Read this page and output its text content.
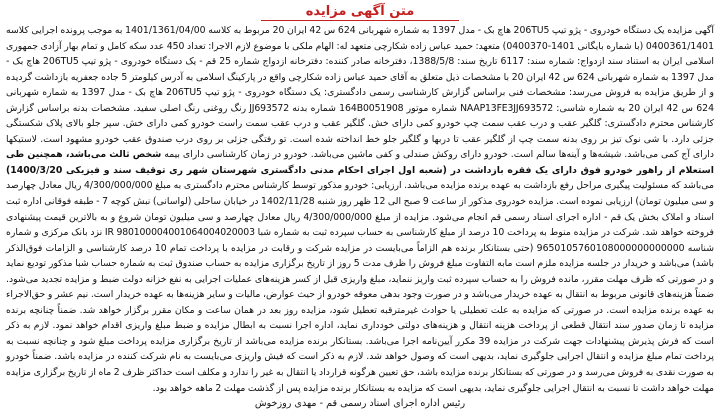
متن آگهی مزایده

آگهی مزایده یک دستگاه خودروی - پژو تیپ 206TU5 هاچ بک - مدل 1397 به شماره شهربانی 624 س 42 ایران 20 مربوط به کلاسه 1401/1361/04/00 به موجب پرونده اجرایی کلاسه 0400361/1401 (با شماره بایگانی 1401-0400370) متعهد: حمید عباس زاده شکارچی متعهد له: الهام ملکی با موضوع لازم الاجرا: تعداد 450 عدد سکه کامل و تمام بهار آزادی جمهوری اسلامی ایران به استناد سند ازدواج: شماره سند: 6117 تاریخ سند: 1388/5/8، دفترخانه صادر کننده: دفترخانه ازدواج شماره 25 قم - یک دستگاه خودروی - پژو تیپ 206TU5 هاچ بک - مدل 1397 به شماره شهربانی 624 س 42 ایران 20 با مشخصات ذیل متعلق به آقای حمید عباس زاده شکارچی واقع در پارکینگ اسلامی به آدرس کیلومتر 5 جاده جعفریه بازداشت گردیده و از طریق مزایده به فروش می‌رسد: مشخصات فنی براساس گزارش کارشناسی رسمی دادگستری: یک دستگاه خودروی - پژو تیپ 206TU5 هاچ بک - مدل 1397 به شماره شهربانی 624 س 42 ایران 20 به شماره شاسی: NAAP13FE3JJ693572 شماره موتور 164B0051908 شماره بدنه JJ693572 رنگ روغنی رنگ اصلی سفید. مشخصات بدنه براساس گزارش کارشناس محترم دادگستری: گلگیر عقب و درب عقب سمت چپ خودرو کمی دارای خش. گلگیر عقب و درب عقب سمت راست خودرو کمی دارای خش. سپر جلو بالای پلاک شکستگی جزئی دارد. با شی نوک تیز بر روی بدنه سمت چپ از گلگیر عقب تا دربها و گلگیر جلو خط انداخته شده است. تو رفتگی جزئی بر روی درب صندوق عقب خودرو مشهود است. لاستیکها دارای آج کمی می‌باشد. شیشه‌ها و آینه‌ها سالم است. خودرو دارای روکش صندلی و کفی ماشین می‌باشد. خودرو در زمان کارشناسی دارای بیمه شخص ثالث می‌باشد، همچنین طی استعلام از راهور خودرو فوق دارای یک فقره بازداشت در (شعبه اول اجرای احکام مدنی دادگستری شهرستان شهر ری توقیف سند و فیزیکی 1400/3/20) می‌باشد که مسئولیت پیگیری مراحل رفع بازداشت به عهده برنده مزایده می‌باشد. ارزیابی: خودرو مذکور توسط کارشناس محترم دادگستری به مبلغ 4/300/000/000 ریال معادل چهارصد و سی میلیون تومان) ارزیابی نموده است. مزایده خودروی مذکور از ساعت 9 صبح الی 12 ظهر روز شنبه 1402/11/28 در خیابان ساحلی (لواسانی) نبش کوچه 7 - طبقه فوقانی اداره ثبت اسناد و املاک بخش یک قم - اداره اجرای اسناد رسمی قم انجام می‌شود. مزایده از مبلغ 4/300/000/000 ریال معادل چهارصد و سی میلیون تومان شروع و به بالاترین قیمت پیشنهادی فروخته خواهد شد. شرکت در مزایده منوط به پرداخت 10 درصد از مبلغ کارشناسی به حساب سپرده ثبت به شماره شبا IR 980100004001064004020003 نزد بانک مرکزی و شماره شناسه 9650105760108000000000000 (حتی بستانکار برنده هم الزاماً می‌بایست در مزایده شرکت و رقابت در مزایده با پرداخت تمام 10 درصد کارشناسی و الزامات فوق‌الذکر باشد) می‌باشد و خریدار در جلسه مزایده ملزم است مابه التفاوت مبلغ فروش را ظرف مدت 5 روز از تاریخ برگزاری مزایده به حساب صندوق ثبت به شماره حساب شبا مذکور تودیع نماید و در صورتی که ظرف مهلت مقرر، مانده فروش را به حساب سپرده ثبت واریز ننماید، مبلغ واریزی قبل از کسر هزینه‌های عملیات اجرایی به نفع خزانه دولت ضبط و مزایده تجدید می‌شود. ضمناً هزینه‌های قانونی مربوط به انتقال به عهده خریدار می‌باشد و در صورت وجود بدهی معوقه خودرو از حیث عوارض، مالیات و سایر هزینه‌ها به عهده خریدار است. نیم عشر و حق‌الاجراء به عهده برنده مزایده است. در صورتی که مزایده به علت تعطیلی یا حوادث غیرمترقبه تعطیل شود، مزایده روز بعد در همان ساعت و مکان مقرر برگزار خواهد شد. ضمناً چنانچه برنده مزایده تا زمان صدور سند انتقال قطعی از پرداخت هزینه انتقال و هزینه‌های دولتی خودداری نماید، اداره اجرا نسبت به ابطال مزایده و ضبط مبلغ واریزی اقدام خواهد نمود. لازم به ذکر است که فرش پذیرش پیشنهادات جهت شرکت در مزایده 39 مکرر آیین‌نامه اجرا می‌باشد. بستانکار برنده مزایده می‌باشد از تاریخ برگزاری مزایده پرداخت مبلغ شود و چنانچه نسبت به پرداخت تمام مبلغ مزایده و انتقال اجرایی جلوگیری نماید، بدیهی است که وصول خواهد شد. لازم به ذکر است که فیش واریزی می‌بایست به نام شرکت کننده در مزایده باشد. ضمناً خودرو به صورت نقدی به فروش می‌رسد و در صورتی که بستانکار برنده مزایده باشد، حق تعیین هرگونه قرارداد یا انتقال به غیر را ندارد و مکلف است حداکثر ظرف 2 ماه از تاریخ برگزاری مزایده مهلت خواهد داشت تا نسبت به انتقال اجرایی جلوگیری نماید، بدیهی است که مزایده به بستانکار برنده مزایده پس از گذشت مهلت 2 ماهه خواهد بود.

رئیس اداره اجرای اسناد رسمی قم - مهدی روزخوش
